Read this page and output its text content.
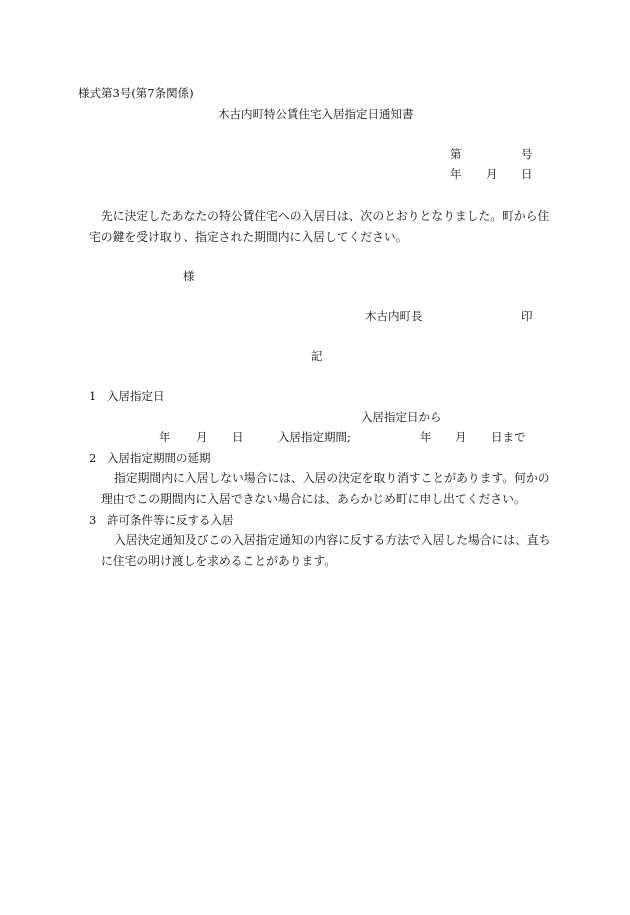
様式第3号(第7条関係)
木古内町特公賃住宅入居指定日通知書
第	号
年 月 日
先に決定したあなたの特公賃住宅への入居日は、次のとおりとなりました。町から住
宅の鍵を受け取り、指定された期間内に入居してください。
様
木古内町長	印
記
1 入居指定日
入居指定日から
年 月 日	入居指定期間;	年 月 日まで
2 入居指定期間の延期
指定期間内に入居しない場合には、入居の決定を取り消すことがあります。何かの
理由でこの期間内に入居できない場合には、あらかじめ町に申し出てください。
3 許可条件等に反する入居
入居決定通知及びこの入居指定通知の内容に反する方法で入居した場合には、直ち
に住宅の明け渡しを求めることがあります。
